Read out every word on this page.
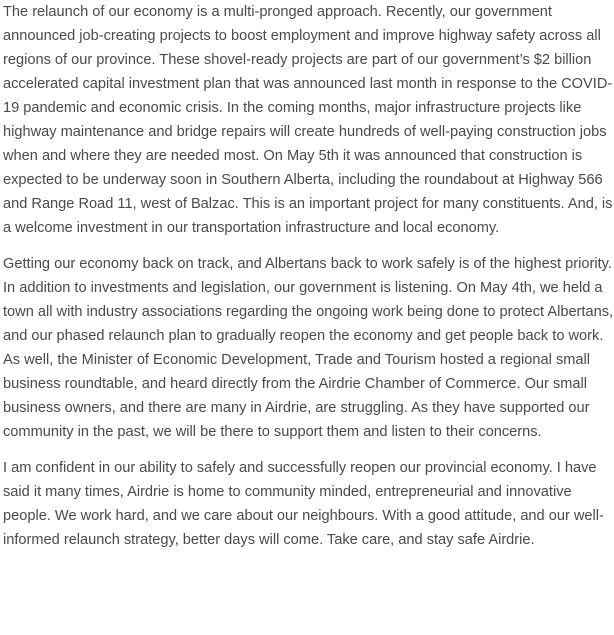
The relaunch of our economy is a multi-pronged approach. Recently, our government announced job-creating projects to boost employment and improve highway safety across all regions of our province. These shovel-ready projects are part of our government’s $2 billion accelerated capital investment plan that was announced last month in response to the COVID-19 pandemic and economic crisis. In the coming months, major infrastructure projects like highway maintenance and bridge repairs will create hundreds of well-paying construction jobs when and where they are needed most. On May 5th it was announced that construction is expected to be underway soon in Southern Alberta, including the roundabout at Highway 566 and Range Road 11, west of Balzac. This is an important project for many constituents. And, is a welcome investment in our transportation infrastructure and local economy.

Getting our economy back on track, and Albertans back to work safely is of the highest priority. In addition to investments and legislation, our government is listening. On May 4th, we held a town all with industry associations regarding the ongoing work being done to protect Albertans, and our phased relaunch plan to gradually reopen the economy and get people back to work. As well, the Minister of Economic Development, Trade and Tourism hosted a regional small business roundtable, and heard directly from the Airdrie Chamber of Commerce. Our small business owners, and there are many in Airdrie, are struggling. As they have supported our community in the past, we will be there to support them and listen to their concerns.

I am confident in our ability to safely and successfully reopen our provincial economy. I have said it many times, Airdrie is home to community minded, entrepreneurial and innovative people. We work hard, and we care about our neighbours. With a good attitude, and our well-informed relaunch strategy, better days will come. Take care, and stay safe Airdrie.
